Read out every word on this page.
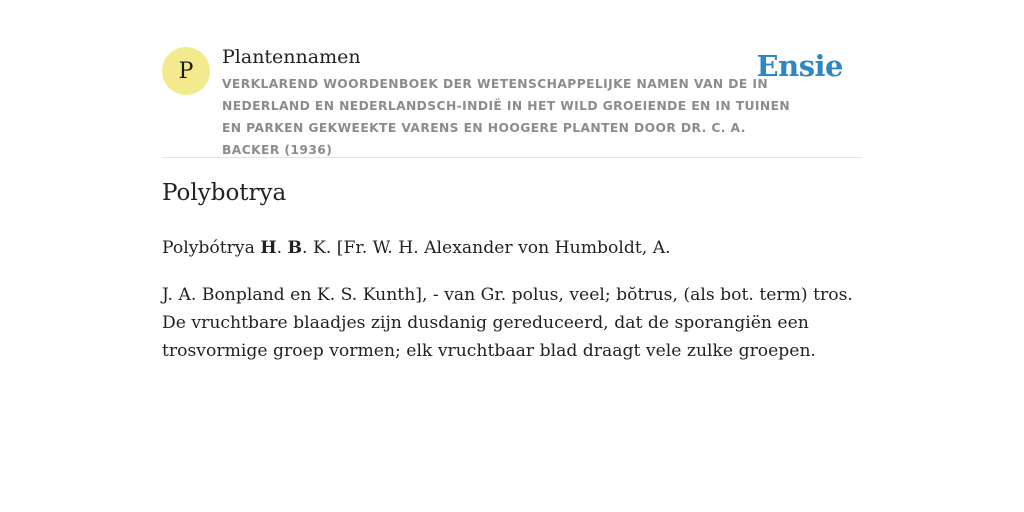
P
Plantennamen
VERKLAREND WOORDENBOEK DER WETENSCHAPPELIJKE NAMEN VAN DE IN NEDERLAND EN NEDERLANDSCH-INDIË IN HET WILD GROEIENDE EN IN TUINEN EN PARKEN GEKWEEKTE VARENS EN HOOGERE PLANTEN DOOR DR. C. A. BACKER (1936)
Ensie
Polybotrya

Polybótrya H. B. K. [Fr. W. H. Alexander von Humboldt, A.

J. A. Bonpland en K. S. Kunth], - van Gr. polus, veel; bŏtrus, (als bot. term) tros. De vruchtbare blaadjes zijn dusdanig gereduceerd, dat de sporangiën een trosvormige groep vormen; elk vruchtbaar blad draagt vele zulke groepen.
